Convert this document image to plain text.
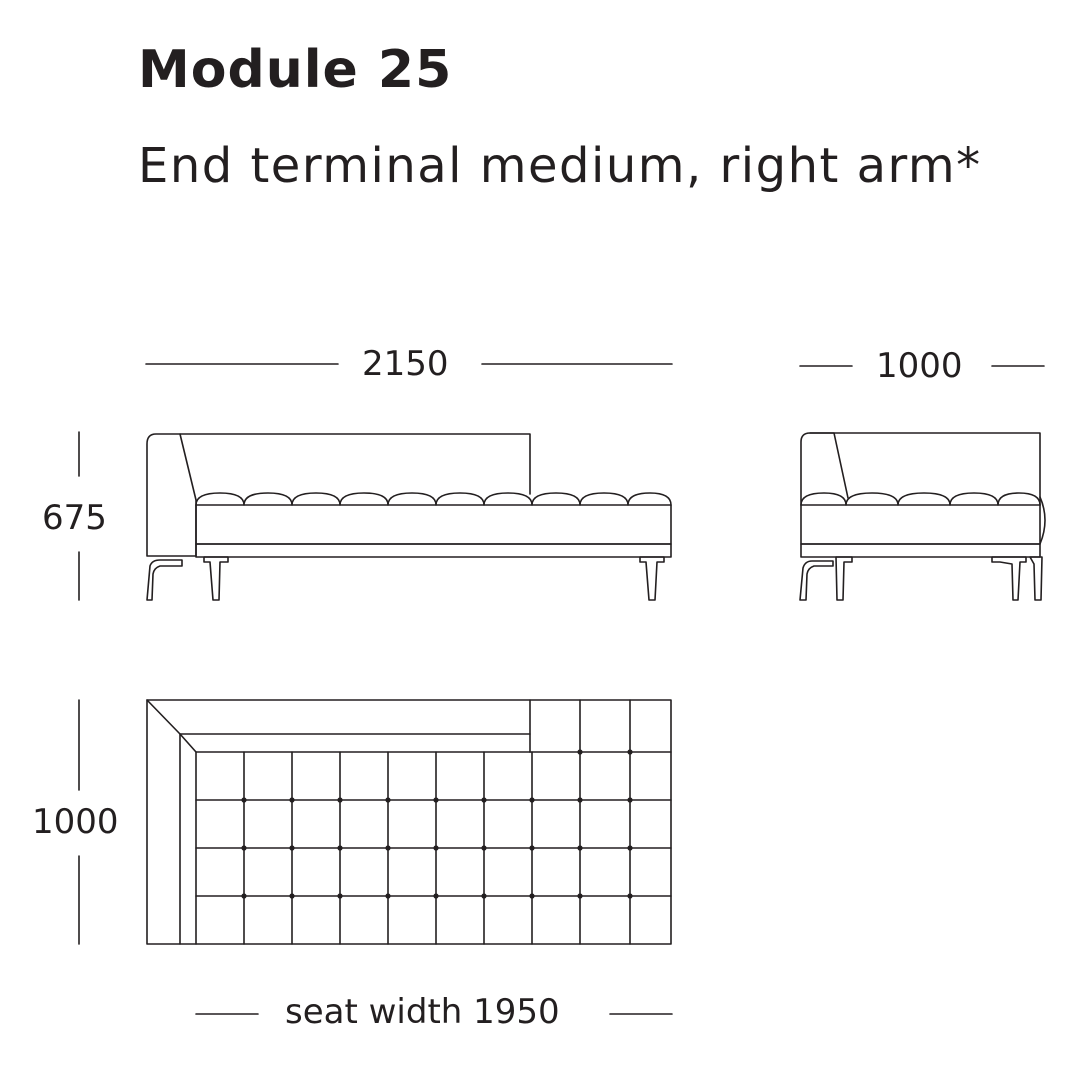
Module 25
End terminal medium, right arm*
2150	1000
675
1000
seat width 1950
